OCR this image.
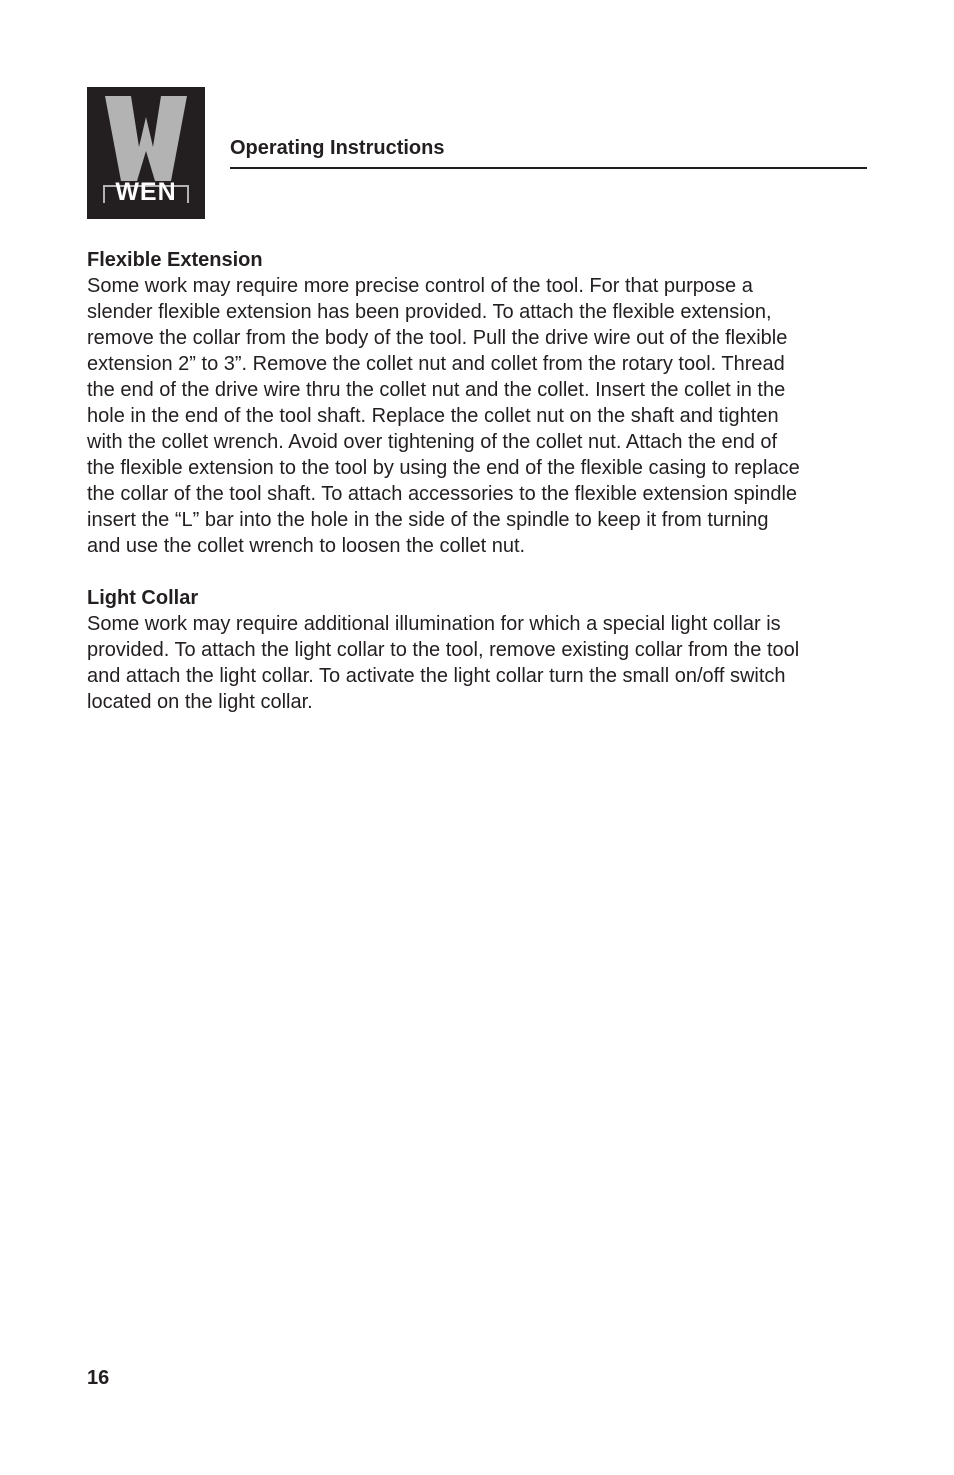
WEN
Operating Instructions
Flexible Extension

Some work may require more precise control of the tool. For that purpose a
slender flexible extension has been provided. To attach the flexible extension,
remove the collar from the body of the tool. Pull the drive wire out of the flexible
extension 2” to 3”. Remove the collet nut and collet from the rotary tool. Thread
the end of the drive wire thru the collet nut and the collet. Insert the collet in the
hole in the end of the tool shaft. Replace the collet nut on the shaft and tighten
with the collet wrench. Avoid over tightening of the collet nut. Attach the end of
the flexible extension to the tool by using the end of the flexible casing to replace
the collar of the tool shaft. To attach accessories to the flexible extension spindle
insert the “L” bar into the hole in the side of the spindle to keep it from turning
and use the collet wrench to loosen the collet nut.

Light Collar

Some work may require additional illumination for which a special light collar is
provided. To attach the light collar to the tool, remove existing collar from the tool
and attach the light collar. To activate the light collar turn the small on/off switch
located on the light collar.

16
